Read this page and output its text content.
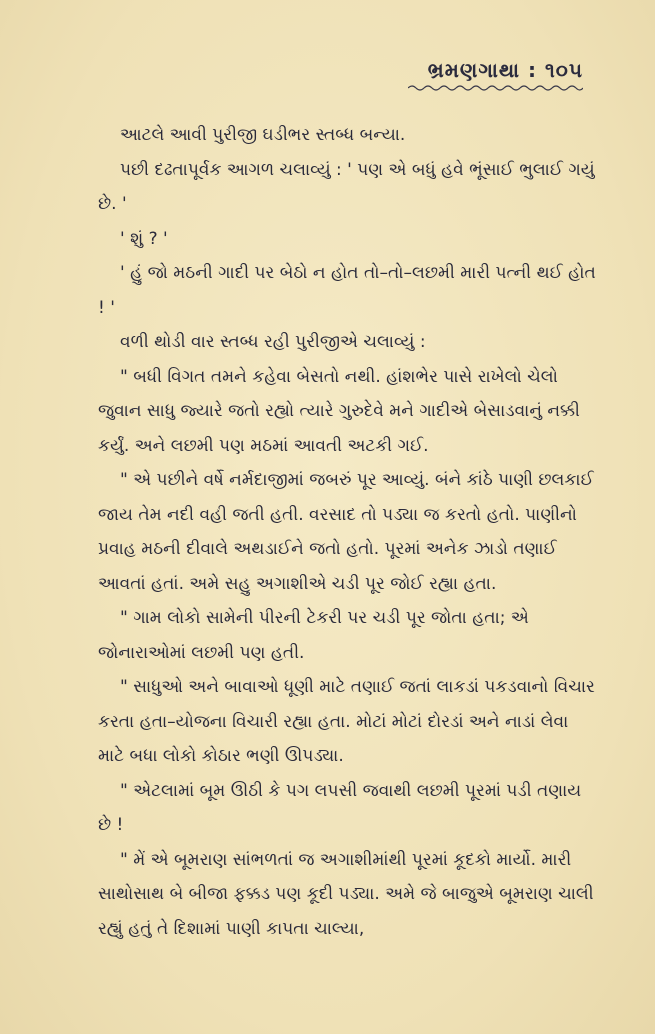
ભ્રમણગાથા : ૧૦૫

આટલે આવી પુરીજી ઘડીભર સ્તબ્ધ બન્યા.

પછી દઢતાપૂર્વક આગળ ચલાવ્યું : ' પણ એ બધું હવે ભૂંસાઈ ભુલાઈ ગયું છે. '

' શું ? '

' હું જો મઠની ગાદી પર બેઠો ન હોત તો–તો–લછમી મારી પત્ની થઈ હોત ! '

વળી થોડી વાર સ્તબ્ધ રહી પુરીજીએ ચલાવ્યું :

" બધી વિગત તમને કહેવા બેસતો નથી. હાંશભેર પાસે રાખેલો ચેલો જુવાન સાધુ જ્યારે જતો રહ્યો ત્યારે ગુરુદેવે મને ગાદીએ બેસાડવાનું નક્કી કર્યું. અને લછમી પણ મઠમાં આવતી અટકી ગઈ.

" એ પછીને વર્ષે નર્મદાજીમાં જબરું પૂર આવ્યું. બંને કાંઠે પાણી છલકાઈ જાય તેમ નદી વહી જતી હતી. વરસાદ તો પડ્યા જ કરતો હતો. પાણીનો પ્રવાહ મઠની દીવાલે અથડાઈને જતો હતો. પૂરમાં અનેક ઝાડો તણાઈ આવતાં હતાં. અમે સહુ અગાશીએ ચડી પૂર જોઈ રહ્યા હતા.

" ગામ લોકો સામેની પીરની ટેકરી પર ચડી પૂર જોતા હતા; એ જોનારાઓમાં લછમી પણ હતી.

" સાધુઓ અને બાવાઓ ધૂણી માટે તણાઈ જતાં લાકડાં પકડવાનો વિચાર કરતા હતા–યોજના વિચારી રહ્યા હતા. મોટાં મોટાં દોરડાં અને નાડાં લેવા માટે બધા લોકો કોઠાર ભણી ઊપડ્યા.

" એટલામાં બૂમ ઊઠી કે પગ લપસી જવાથી લછમી પૂરમાં પડી તણાય છે !

" મેં એ બૂમરાણ સાંભળતાં જ અગાશીમાંથી પૂરમાં કૂદકો માર્યો. મારી સાથોસાથ બે બીજા ફક્કડ પણ કૂદી પડ્યા. અમે જે બાજુએ બૂમરાણ ચાલી રહ્યું હતું તે દિશામાં પાણી કાપતા ચાલ્યા,
